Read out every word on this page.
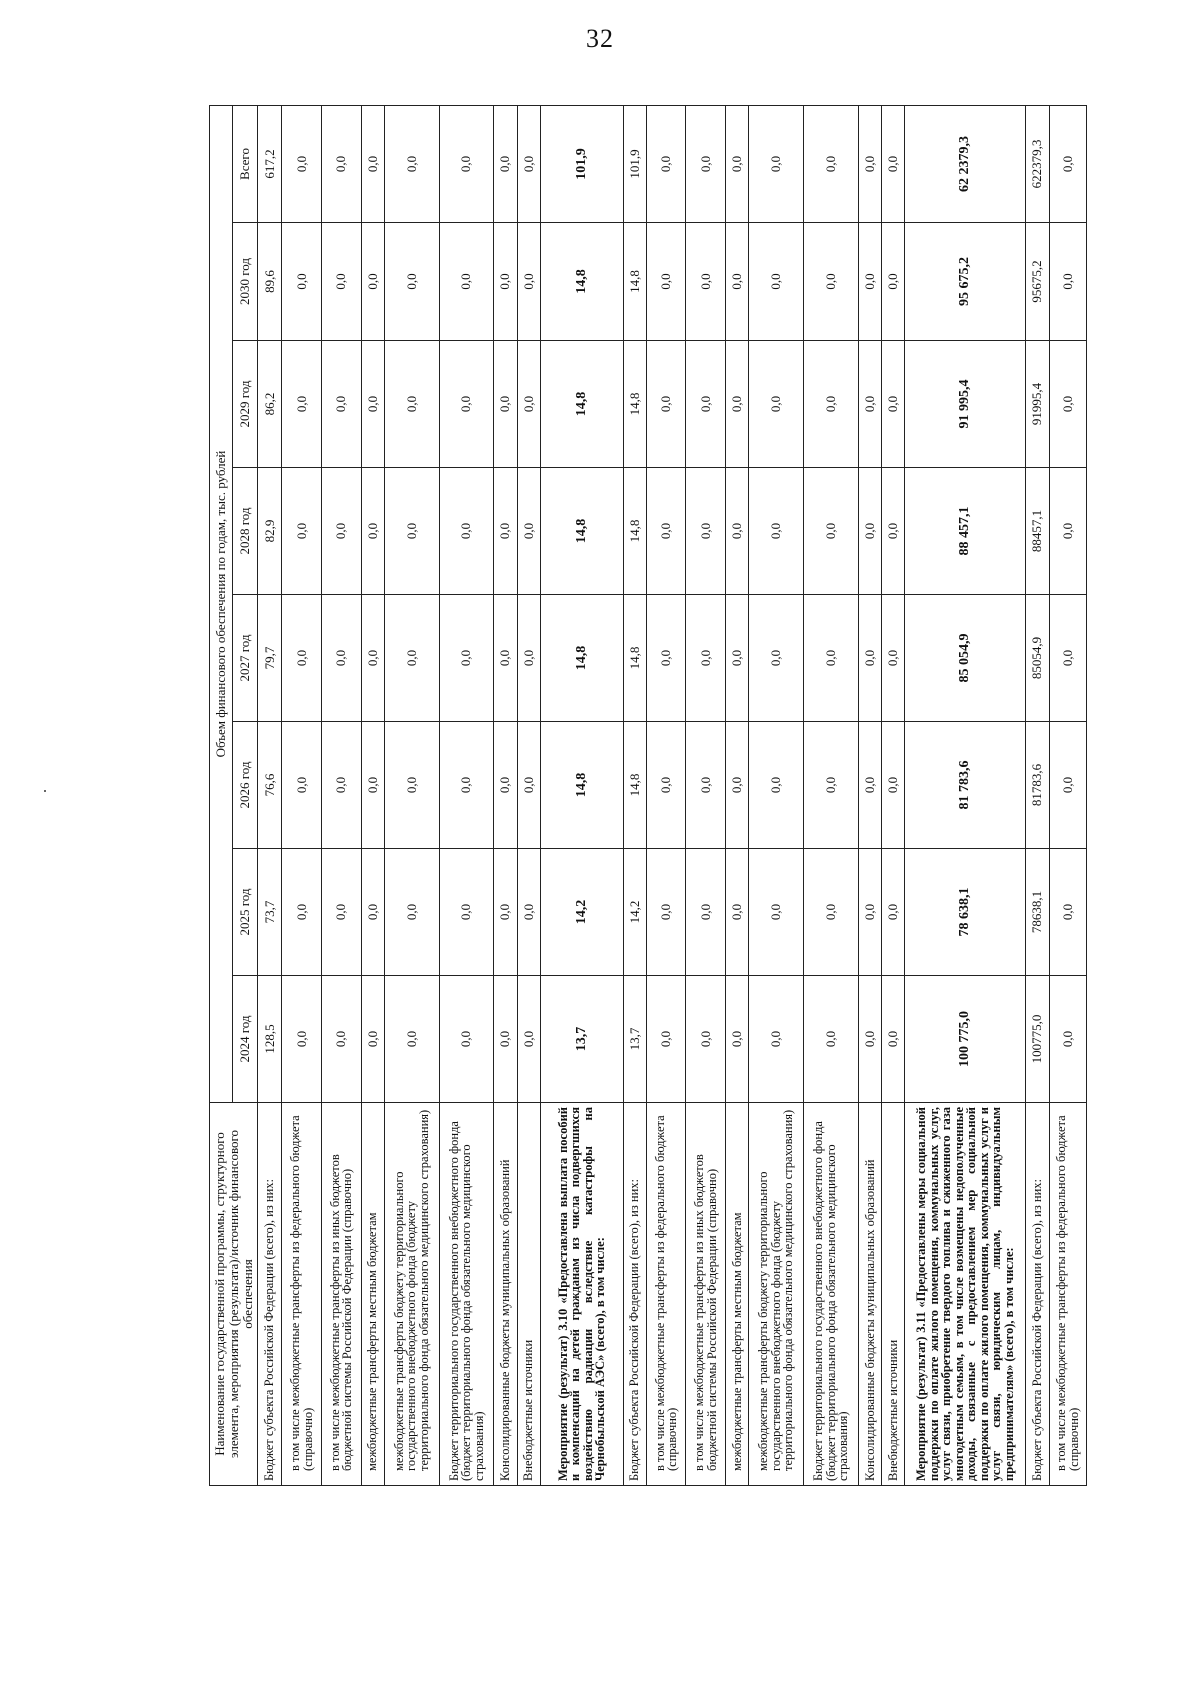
32
Наименование государственной программы, структурного элемента, мероприятия (результата)/источник финансового обеспечения	Объем финансового обеспечения по годам, тыс. рублей							
	2024 год	2025 год	2026 год	2027 год	2028 год	2029 год	2030 год	Всего
Бюджет субъекта Российской Федерации (всего), из них:	128,5	73,7	76,6	79,7	82,9	86,2	89,6	617,2
в том числе межбюджетные трансферты из федерального бюджета (справочно)	0,0	0,0	0,0	0,0	0,0	0,0	0,0	0,0
в том числе межбюджетные трансферты из иных бюджетов бюджетной системы Российской Федерации (справочно)	0,0	0,0	0,0	0,0	0,0	0,0	0,0	0,0
межбюджетные трансферты местным бюджетам	0,0	0,0	0,0	0,0	0,0	0,0	0,0	0,0
межбюджетные трансферты бюджету территориального государственного внебюджетного фонда (бюджету территориального фонда обязательного медицинского страхования)	0,0	0,0	0,0	0,0	0,0	0,0	0,0	0,0
Бюджет территориального государственного внебюджетного фонда (бюджет территориального фонда обязательного медицинского страхования)	0,0	0,0	0,0	0,0	0,0	0,0	0,0	0,0
Консолидированные бюджеты муниципальных образований	0,0	0,0	0,0	0,0	0,0	0,0	0,0	0,0
Внебюджетные источники	0,0	0,0	0,0	0,0	0,0	0,0	0,0	0,0
Мероприятие (результат) 3.10 «Предоставлена выплата пособий и компенсаций на детей гражданам из числа подвергшихся воздействию радиации вследствие катастрофы на Чернобыльской АЭС» (всего), в том числе:	13,7	14,2	14,8	14,8	14,8	14,8	14,8	101,9
Бюджет субъекта Российской Федерации (всего), из них:	13,7	14,2	14,8	14,8	14,8	14,8	14,8	101,9
в том числе межбюджетные трансферты из федерального бюджета (справочно)	0,0	0,0	0,0	0,0	0,0	0,0	0,0	0,0
в том числе межбюджетные трансферты из иных бюджетов бюджетной системы Российской Федерации (справочно)	0,0	0,0	0,0	0,0	0,0	0,0	0,0	0,0
межбюджетные трансферты местным бюджетам	0,0	0,0	0,0	0,0	0,0	0,0	0,0	0,0
межбюджетные трансферты бюджету территориального государственного внебюджетного фонда (бюджету территориального фонда обязательного медицинского страхования)	0,0	0,0	0,0	0,0	0,0	0,0	0,0	0,0
Бюджет территориального государственного внебюджетного фонда (бюджет территориального фонда обязательного медицинского страхования)	0,0	0,0	0,0	0,0	0,0	0,0	0,0	0,0
Консолидированные бюджеты муниципальных образований	0,0	0,0	0,0	0,0	0,0	0,0	0,0	0,0
Внебюджетные источники	0,0	0,0	0,0	0,0	0,0	0,0	0,0	0,0
Мероприятие (результат) 3.11 «Предоставлены меры социальной поддержки по оплате жилого помещения, коммунальных услуг, услуг связи, приобретение твердого топлива и сжиженного газа многодетным семьям, в том числе возмещены недополученные доходы, связанные с предоставлением мер социальной поддержки по оплате жилого помещения, коммунальных услуг и услуг связи, юридическим лицам, индивидуальным предпринимателям» (всего), в том числе:	100 775,0	78 638,1	81 783,6	85 054,9	88 457,1	91 995,4	95 675,2	62 2379,3
Бюджет субъекта Российской Федерации (всего), из них:	100775,0	78638,1	81783,6	85054,9	88457,1	91995,4	95675,2	622379,3
в том числе межбюджетные трансферты из федерального бюджета (справочно)	0,0	0,0	0,0	0,0	0,0	0,0	0,0	0,0
